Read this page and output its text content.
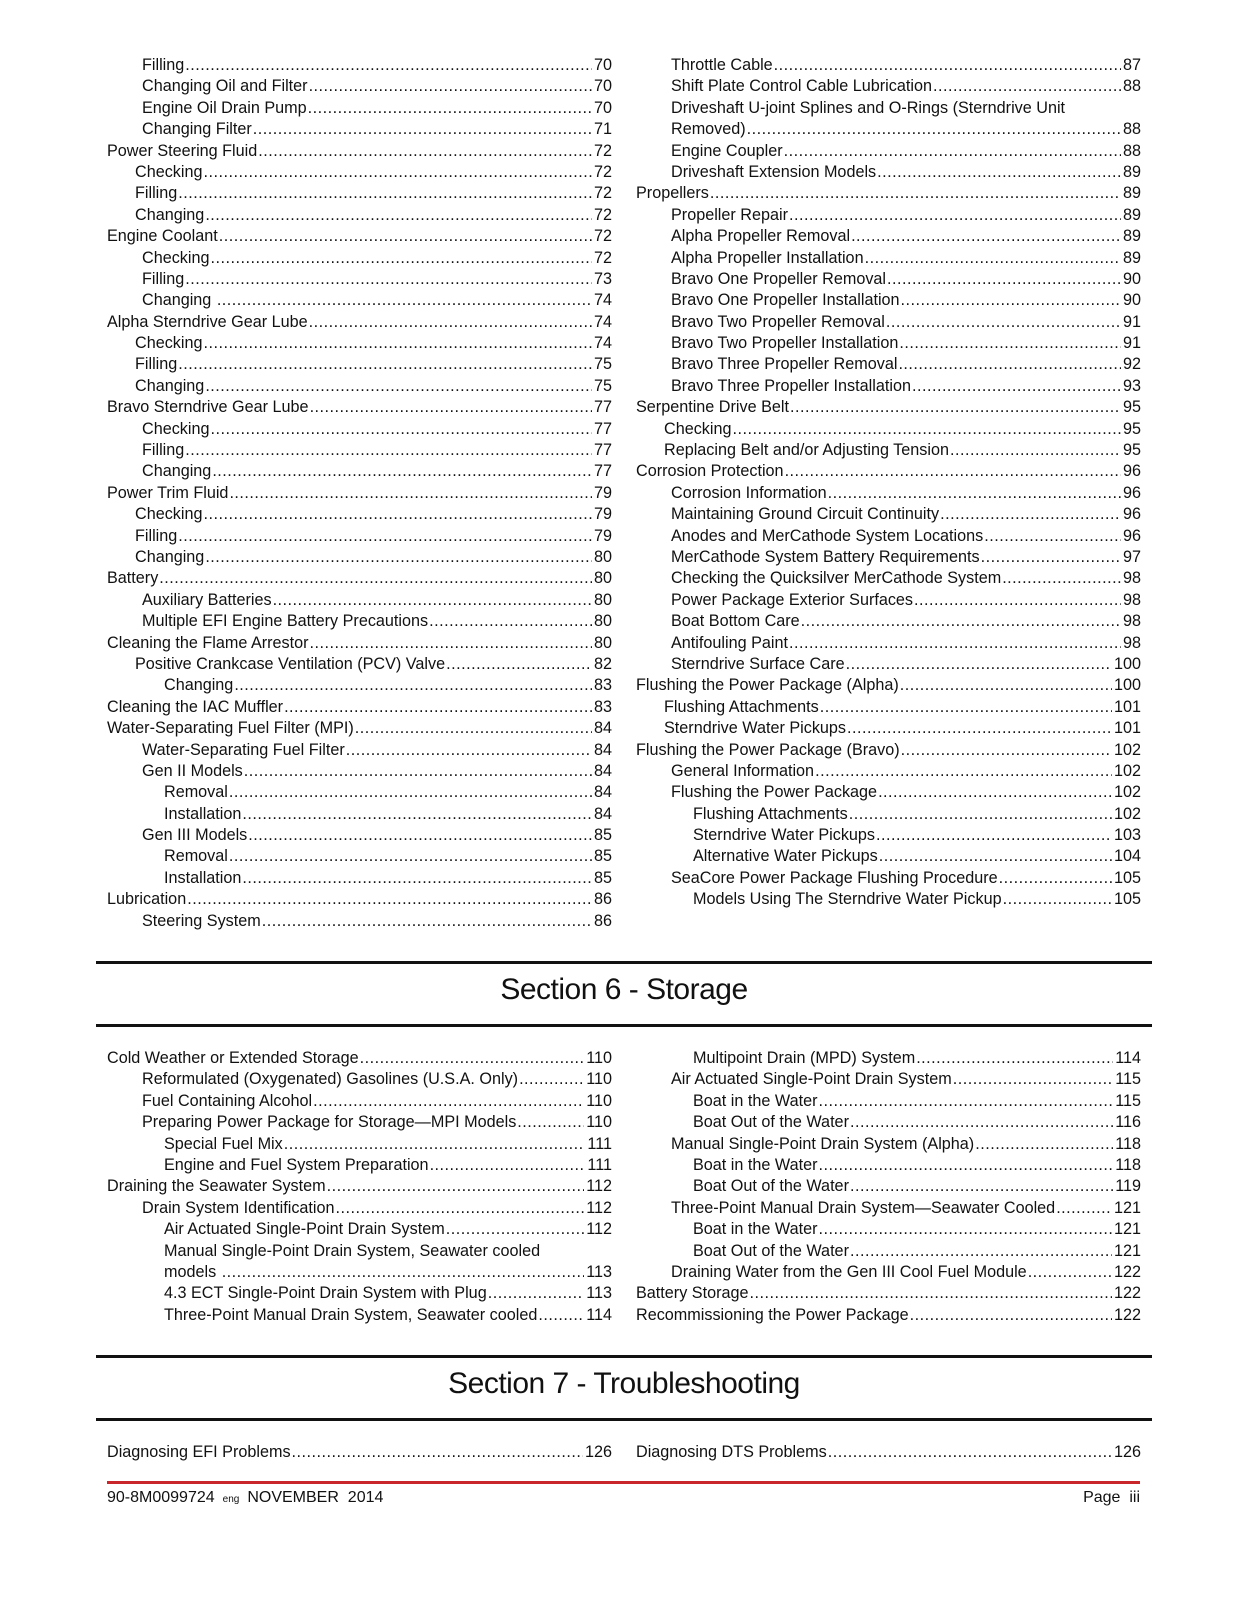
Filling .....	70
Changing Oil and Filter .....	70
Engine Oil Drain Pump .....	70
Changing Filter .....	71
Power Steering Fluid .....	72
Checking .....	72
Filling .....	72
Changing .....	72
Engine Coolant .....	72
Checking .....	72
Filling .....	73
Changing .....	74
Alpha Sterndrive Gear Lube .....	74
Checking .....	74
Filling .....	75
Changing .....	75
Bravo Sterndrive Gear Lube .....	77
Checking .....	77
Filling .....	77
Changing .....	77
Power Trim Fluid .....	79
Checking .....	79
Filling .....	79
Changing .....	80
Battery .....	80
Auxiliary Batteries .....	80
Multiple EFI Engine Battery Precautions .....	80
Cleaning the Flame Arrestor .....	80
Positive Crankcase Ventilation (PCV) Valve .....	82
Changing .....	83
Cleaning the IAC Muffler .....	83
Water-Separating Fuel Filter (MPI) .....	84
Water-Separating Fuel Filter .....	84
Gen II Models .....	84
Removal .....	84
Installation .....	84
Gen III Models .....	85
Removal .....	85
Installation .....	85
Lubrication .....	86
Steering System .....	86
Throttle Cable .....	87
Shift Plate Control Cable Lubrication .....	88
Driveshaft U-joint Splines and O-Rings (Sterndrive Unit
Removed) .....	88
Engine Coupler .....	88
Driveshaft Extension Models .....	89
Propellers .....	89
Propeller Repair .....	89
Alpha Propeller Removal .....	89
Alpha Propeller Installation .....	89
Bravo One Propeller Removal .....	90
Bravo One Propeller Installation .....	90
Bravo Two Propeller Removal .....	91
Bravo Two Propeller Installation .....	91
Bravo Three Propeller Removal .....	92
Bravo Three Propeller Installation .....	93
Serpentine Drive Belt .....	95
Checking .....	95
Replacing Belt and/or Adjusting Tension .....	95
Corrosion Protection .....	96
Corrosion Information .....	96
Maintaining Ground Circuit Continuity .....	96
Anodes and MerCathode System Locations .....	96
MerCathode System Battery Requirements .....	97
Checking the Quicksilver MerCathode System .....	98
Power Package Exterior Surfaces .....	98
Boat Bottom Care .....	98
Antifouling Paint .....	98
Sterndrive Surface Care .....	100
Flushing the Power Package (Alpha) .....	100
Flushing Attachments .....	101
Sterndrive Water Pickups .....	101
Flushing the Power Package (Bravo) .....	102
General Information .....	102
Flushing the Power Package .....	102
Flushing Attachments .....	102
Sterndrive Water Pickups .....	103
Alternative Water Pickups .....	104
SeaCore Power Package Flushing Procedure .....	105
Models Using The Sterndrive Water Pickup .....	105
Section 6 - Storage
Cold Weather or Extended Storage .....	110
Reformulated (Oxygenated) Gasolines (U.S.A. Only) .....	110
Fuel Containing Alcohol .....	110
Preparing Power Package for Storage—MPI Models .....	110
Special Fuel Mix .....	111
Engine and Fuel System Preparation .....	111
Draining the Seawater System .....	112
Drain System Identification .....	112
Air Actuated Single-Point Drain System .....	112
Manual Single-Point Drain System, Seawater cooled
models .....	113
4.3 ECT Single-Point Drain System with Plug .....	113
Three-Point Manual Drain System, Seawater cooled .....	114
Multipoint Drain (MPD) System .....	114
Air Actuated Single-Point Drain System .....	115
Boat in the Water .....	115
Boat Out of the Water .....	116
Manual Single-Point Drain System (Alpha) .....	118
Boat in the Water .....	118
Boat Out of the Water .....	119
Three-Point Manual Drain System—Seawater Cooled .....	121
Boat in the Water .....	121
Boat Out of the Water .....	121
Draining Water from the Gen III Cool Fuel Module .....	122
Battery Storage .....	122
Recommissioning the Power Package .....	122
Section 7 - Troubleshooting
Diagnosing EFI Problems .....	126 Diagnosing DTS Problems .....	126
90-8M0099724 eng NOVEMBER  2014	Page  iii
